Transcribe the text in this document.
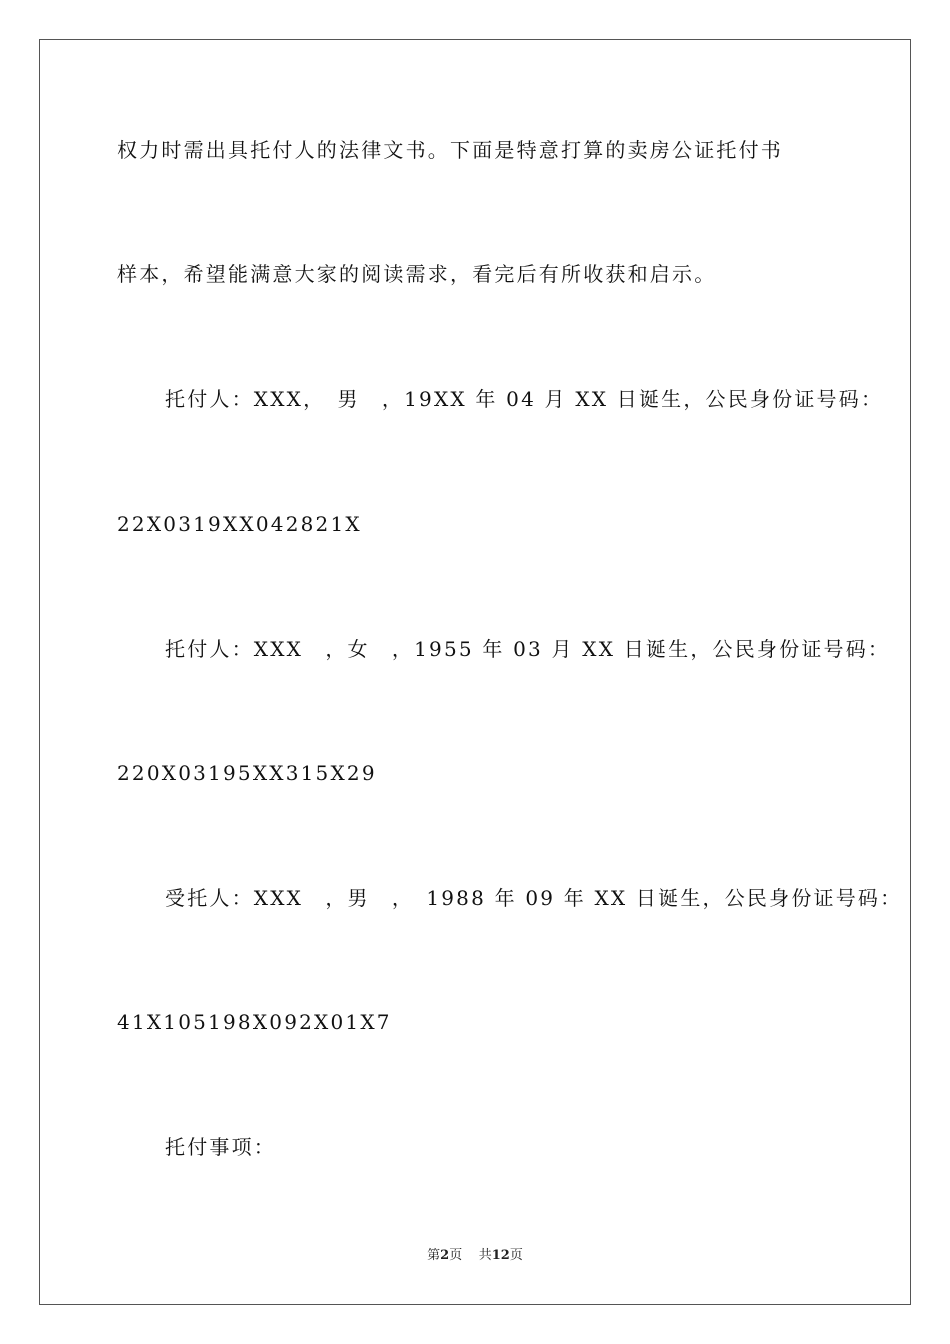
权力时需出具托付人的法律文书。下面是特意打算的卖房公证托付书
样本，希望能满意大家的阅读需求，看完后有所收获和启示。
托付人：XXX，　男　，19XX 年 04 月 XX 日诞生，公民身份证号码：
22X0319XX042821X
托付人：XXX　，女　，1955 年 03 月 XX 日诞生，公民身份证号码：
220X03195XX315X29
受托人：XXX　，男　，　1988 年 09 年 XX 日诞生，公民身份证号码：
41X105198X092X01X7
托付事项：
第2页 共12页
